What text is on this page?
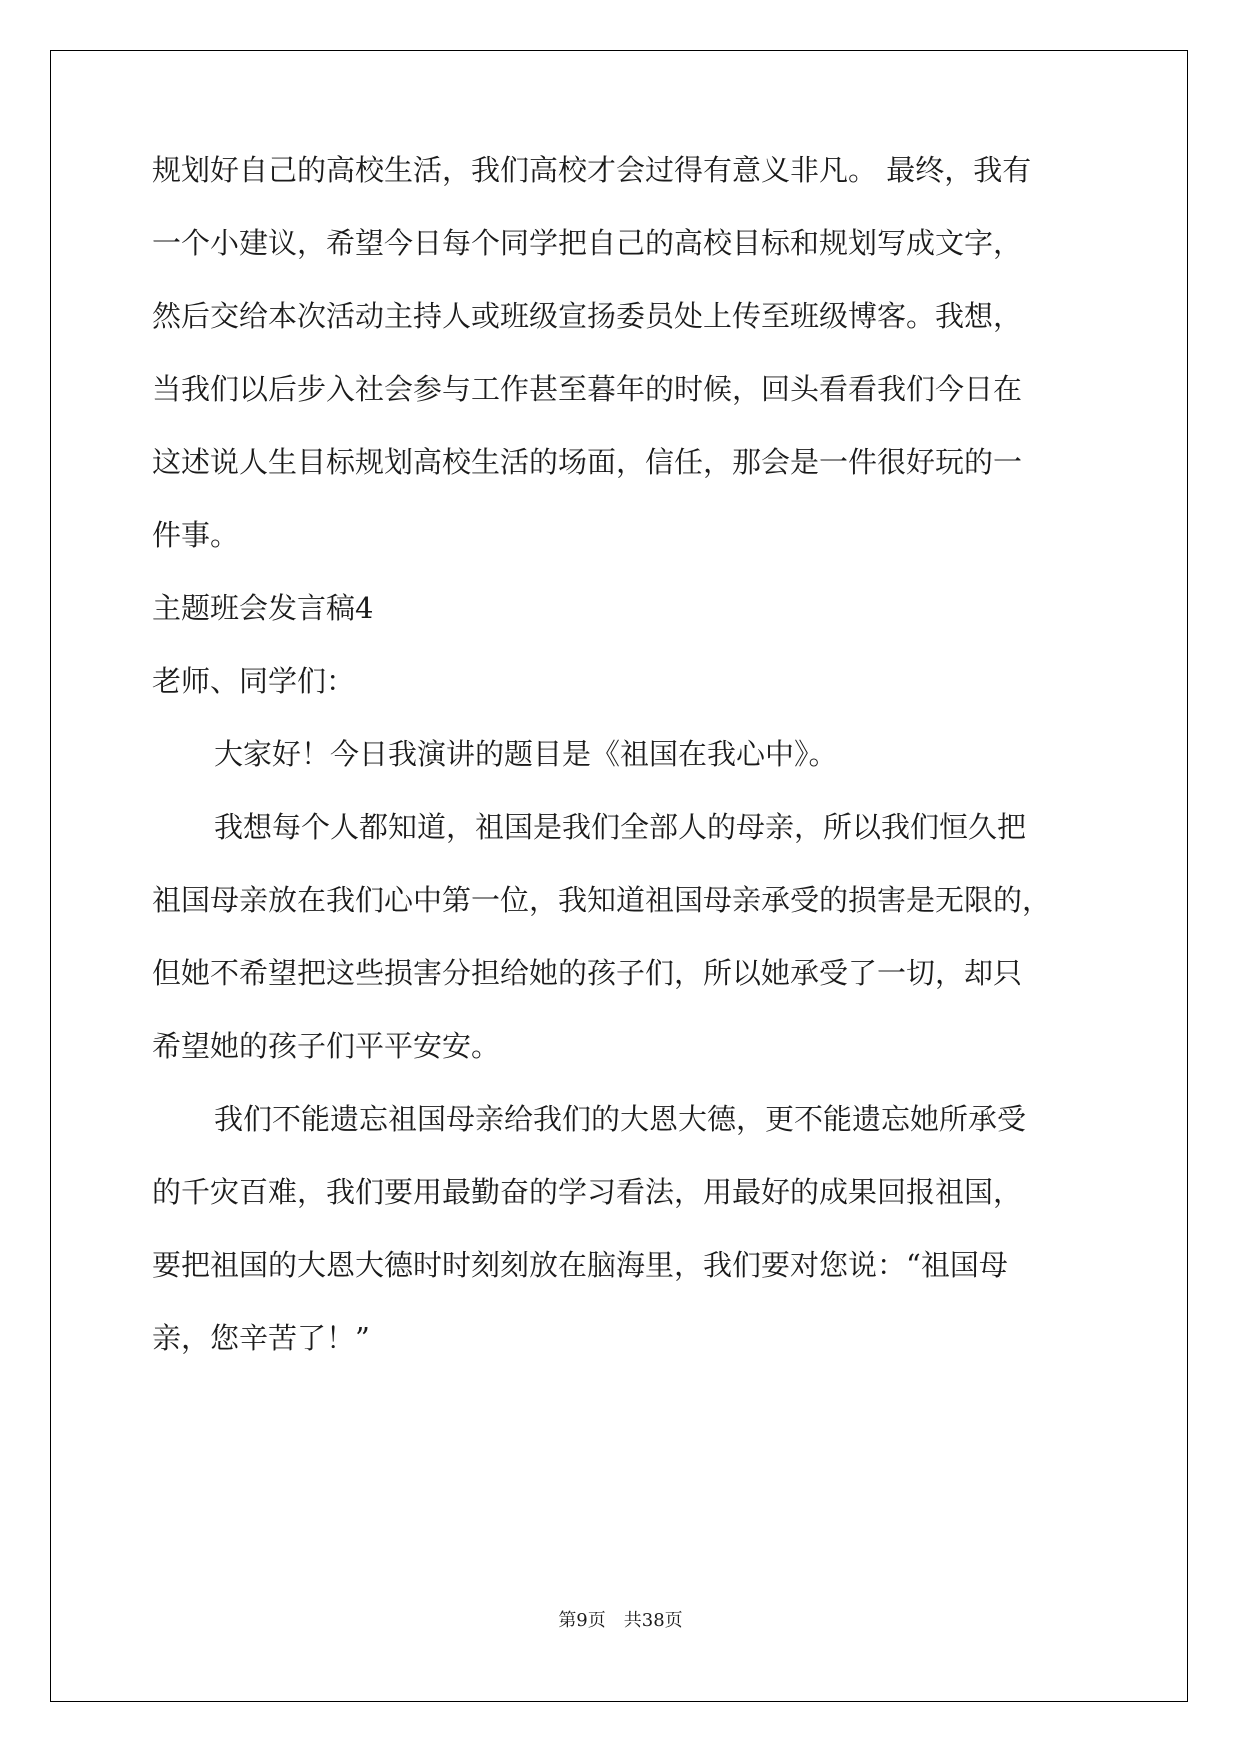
规划好自己的高校生活，我们高校才会过得有意义非凡。 最终，我有
一个小建议，希望今日每个同学把自己的高校目标和规划写成文字，
然后交给本次活动主持人或班级宣扬委员处上传至班级博客。我想，
当我们以后步入社会参与工作甚至暮年的时候，回头看看我们今日在
这述说人生目标规划高校生活的场面，信任，那会是一件很好玩的一
件事。
主题班会发言稿4
老师、同学们：
大家好！今日我演讲的题目是《祖国在我心中》。
我想每个人都知道，祖国是我们全部人的母亲，所以我们恒久把
祖国母亲放在我们心中第一位，我知道祖国母亲承受的损害是无限的，
但她不希望把这些损害分担给她的孩子们，所以她承受了一切，却只
希望她的孩子们平平安安。
我们不能遗忘祖国母亲给我们的大恩大德，更不能遗忘她所承受
的千灾百难，我们要用最勤奋的学习看法，用最好的成果回报祖国，
要把祖国的大恩大德时时刻刻放在脑海里，我们要对您说：“祖国母
亲，您辛苦了！”
第9页　共38页
